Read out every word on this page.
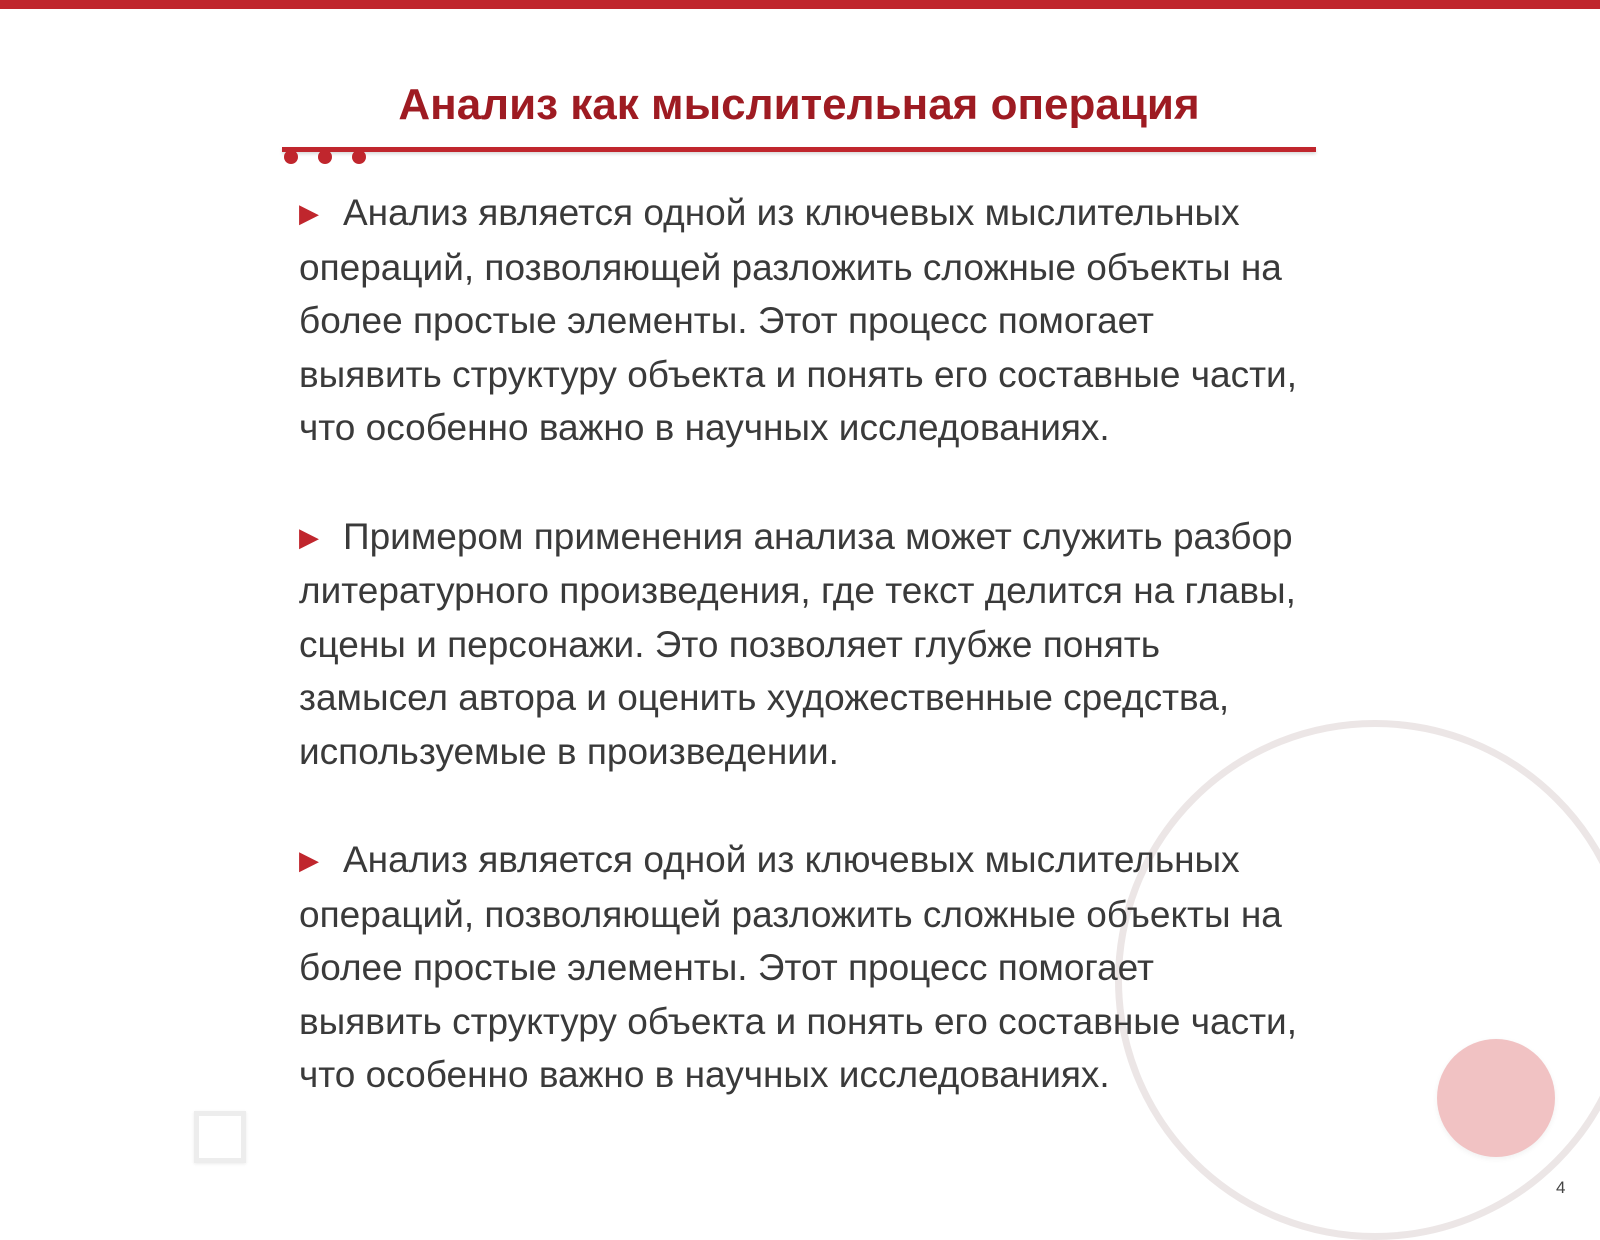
Анализ как мыслительная операция

▶ Анализ является одной из ключевых мыслительных операций, позволяющей разложить сложные объекты на более простые элементы. Этот процесс помогает выявить структуру объекта и понять его составные части, что особенно важно в научных исследованиях.

▶ Примером применения анализа может служить разбор литературного произведения, где текст делится на главы, сцены и персонажи. Это позволяет глубже понять замысел автора и оценить художественные средства, используемые в произведении.

▶ Анализ является одной из ключевых мыслительных операций, позволяющей разложить сложные объекты на более простые элементы. Этот процесс помогает выявить структуру объекта и понять его составные части, что особенно важно в научных исследованиях.

4
